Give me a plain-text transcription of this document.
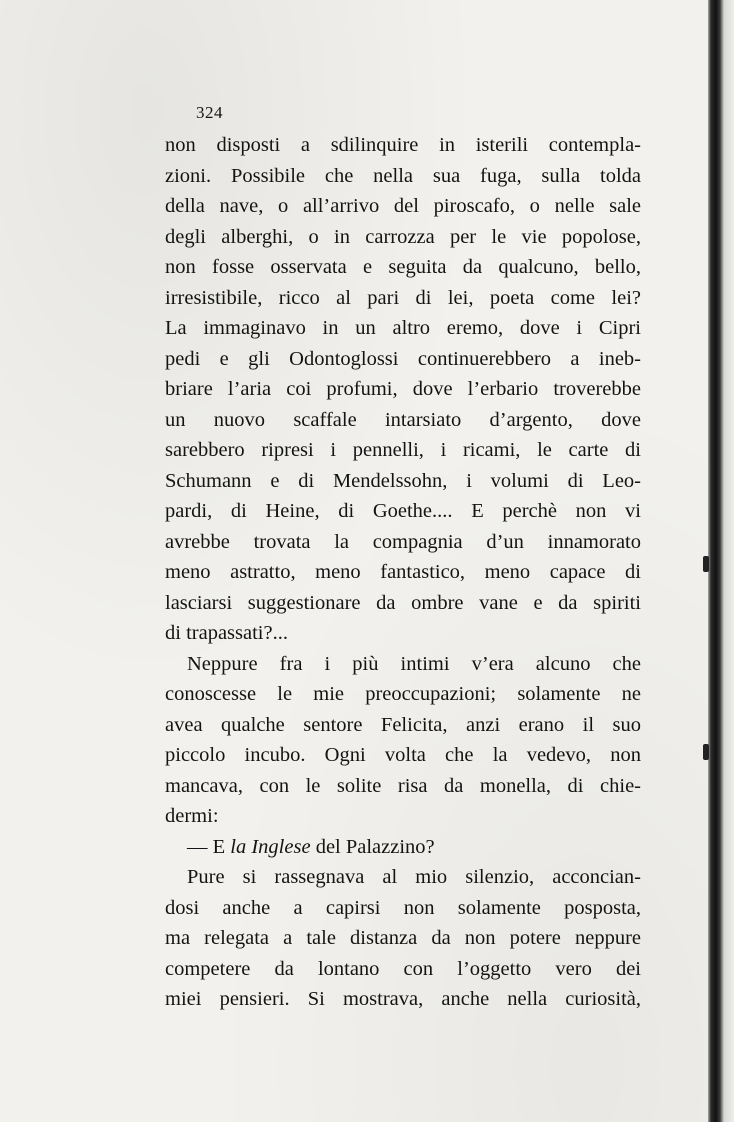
324
non disposti a sdilinquire in isterili contempla-
zioni. Possibile che nella sua fuga, sulla tolda
della nave, o all’arrivo del piroscafo, o nelle sale
degli alberghi, o in carrozza per le vie popolose,
non fosse osservata e seguita da qualcuno, bello,
irresistibile, ricco al pari di lei, poeta come lei?
La immaginavo in un altro eremo, dove i Cipri
pedi e gli Odontoglossi continuerebbero a ineb-
briare l’aria coi profumi, dove l’erbario troverebbe
un nuovo scaffale intarsiato d’argento, dove
sarebbero ripresi i pennelli, i ricami, le carte di
Schumann e di Mendelssohn, i volumi di Leo-
pardi, di Heine, di Goethe.... E perchè non vi
avrebbe trovata la compagnia d’un innamorato
meno astratto, meno fantastico, meno capace di
lasciarsi suggestionare da ombre vane e da spiriti
di trapassati?...
Neppure fra i più intimi v’era alcuno che
conoscesse le mie preoccupazioni; solamente ne
avea qualche sentore Felicita, anzi erano il suo
piccolo incubo. Ogni volta che la vedevo, non
mancava, con le solite risa da monella, di chie-
dermi:
— E la Inglese del Palazzino?
Pure si rassegnava al mio silenzio, acconcian-
dosi anche a capirsi non solamente posposta,
ma relegata a tale distanza da non potere neppure
competere da lontano con l’oggetto vero dei
miei pensieri. Si mostrava, anche nella curiosità,
